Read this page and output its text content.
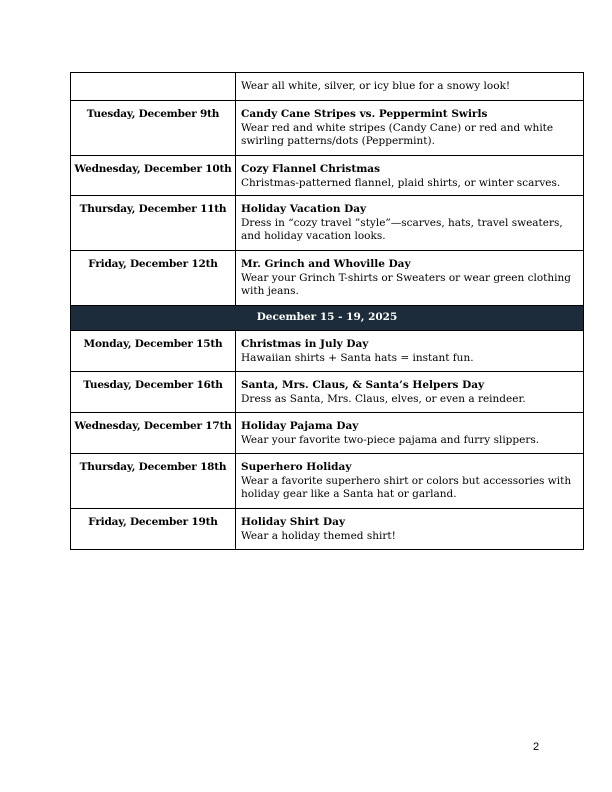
	Wear all white, silver, or icy blue for a snowy look!

Tuesday, December 9th	Candy Cane Stripes vs. Peppermint Swirls
Wear red and white stripes (Candy Cane) or red and white swirling patterns/dots (Peppermint).

Wednesday, December 10th	Cozy Flannel Christmas
Christmas-patterned flannel, plaid shirts, or winter scarves.

Thursday, December 11th	Holiday Vacation Day
Dress in “cozy travel ”style”—scarves, hats, travel sweaters, and holiday vacation looks.

Friday, December 12th	Mr. Grinch and Whoville Day
Wear your Grinch T-shirts or Sweaters or wear green clothing with jeans.

December 15 - 19, 2025	
Monday, December 15th	Christmas in July Day
Hawaiian shirts + Santa hats = instant fun.

Tuesday, December 16th	Santa, Mrs. Claus, & Santa’s Helpers Day
Dress as Santa, Mrs. Claus, elves, or even a reindeer.

Wednesday, December 17th	Holiday Pajama Day
Wear your favorite two-piece pajama and furry slippers.

Thursday, December 18th	Superhero Holiday
Wear a favorite superhero shirt or colors but accessories with holiday gear like a Santa hat or garland.

Friday, December 19th	Holiday Shirt Day
Wear a holiday themed shirt!
2
